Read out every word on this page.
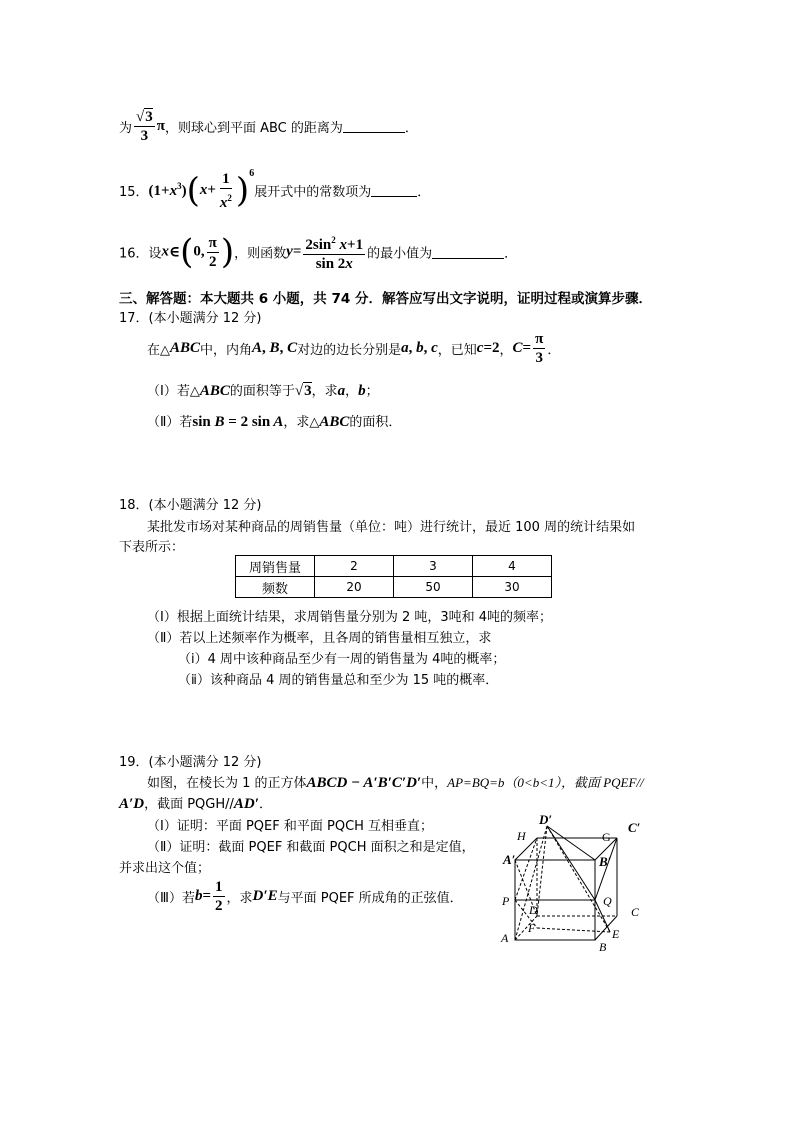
为 $\frac{√3}{3}$ π，则球心到平面 ABC 的距离为	．
15．$(1+x^3)(x+ \frac{1}{x^2} )^6$展开式中的常数项为	．
16．设x∈(0, $\frac{\pi}{2}$ )，则函数$y= \frac{2\sin^2 x+1}{\sin 2x}$ 的最小值为	．
三、解答题：本大题共 6 小题，共 74 分．解答应写出文字说明，证明过程或演算步骤．
17．(本小题满分 12 分)
在△ABC中，内角A, B, C对边的边长分别是a, b, c，已知c=2，$C= \frac{\pi}{3}$ ．
（Ⅰ）若△ABC的面积等于√3，求a，b；
（Ⅱ）若sin B = 2 sin A，求△ABC的面积．
18．(本小题满分 12 分)
某批发市场对某种商品的周销售量（单位：吨）进行统计，最近 100 周的统计结果如
下表所示：
周销售量	2	3	4
频数	20	50	30
（Ⅰ）根据上面统计结果，求周销售量分别为 2 吨，3吨和 4吨的频率；
（Ⅱ）若以上述频率作为概率，且各周的销售量相互独立，求
（ⅰ）4 周中该种商品至少有一周的销售量为 4吨的概率；
（ⅱ）该种商品 4 周的销售量总和至少为 15 吨的概率．
19．(本小题满分 12 分)
如图，在棱长为 1 的正方体ABCD − A′B′C′D′中，AP=BQ=b（0<b<1），截面 PQEF//
A′D，截面 PQGH//AD′．
（Ⅰ）证明：平面 PQEF 和平面 PQCH 互相垂直；
（Ⅱ）证明：截面 PQEF 和截面 PQCH 面积之和是定值，
并求出这个值；
（Ⅲ）若$b= \frac{1}{2}$ ，求D′E与平面 PQEF 所成角的正弦值．
D′
C′
H	G
A′	B′
P	Q
D	C
F	E
A
B
